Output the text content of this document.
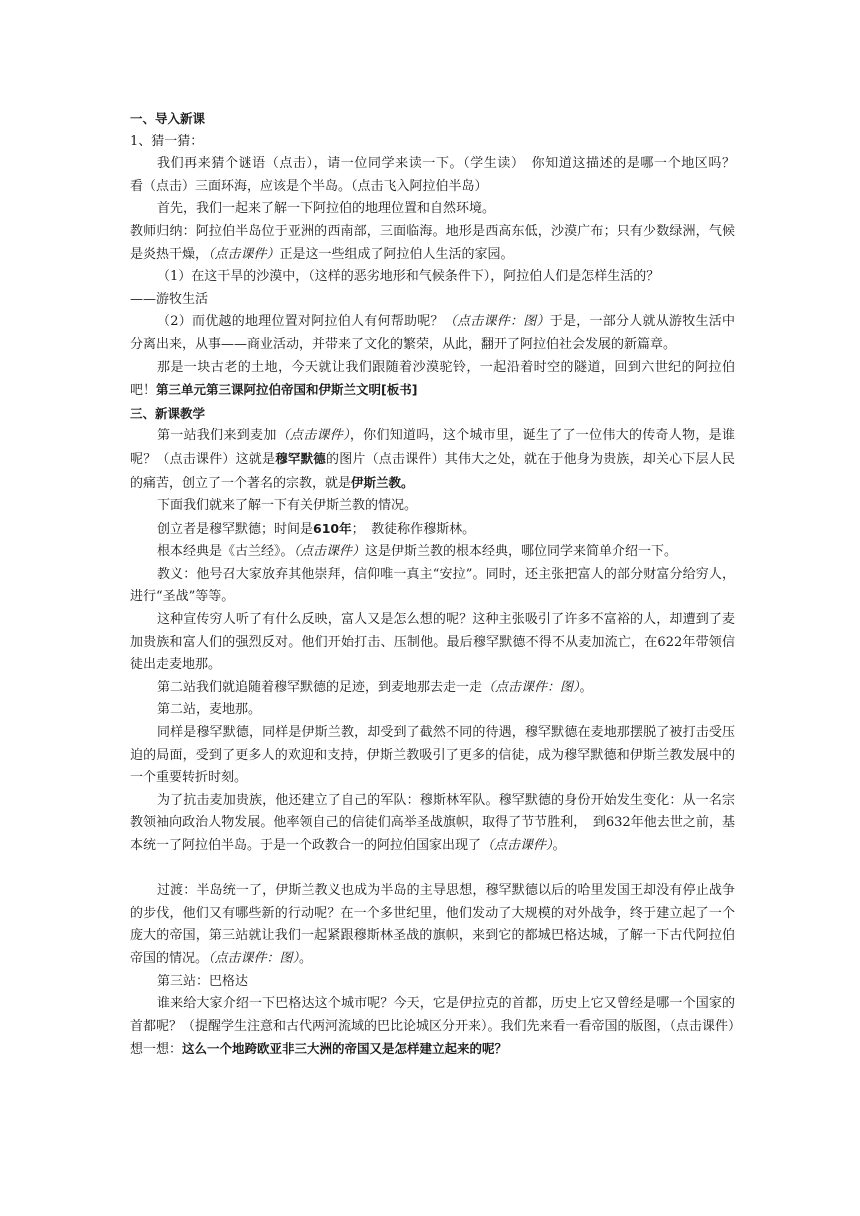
一、导入新课

1、猜一猜：

我们再来猜个谜语（点击），请一位同学来读一下。（学生读）　你知道这描述的是哪一个地区吗？　看（点击）三面环海，应该是个半岛。（点击飞入阿拉伯半岛）

首先，我们一起来了解一下阿拉伯的地理位置和自然环境。

教师归纳：阿拉伯半岛位于亚洲的西南部，三面临海。地形是西高东低，沙漠广布；只有少数绿洲，气候是炎热干燥，（点击课件）正是这一些组成了阿拉伯人生活的家园。

（1）在这干旱的沙漠中，（这样的恶劣地形和气候条件下），阿拉伯人们是怎样生活的？

——游牧生活

（2）而优越的地理位置对阿拉伯人有何帮助呢？（点击课件：图）于是，一部分人就从游牧生活中分离出来，从事——商业活动，并带来了文化的繁荣，从此，翻开了阿拉伯社会发展的新篇章。

那是一块古老的土地，今天就让我们跟随着沙漠驼铃，一起沿着时空的隧道，回到六世纪的阿拉伯吧！第三单元第三课阿拉伯帝国和伊斯兰文明[板书]

三、新课教学

第一站我们来到麦加（点击课件），你们知道吗，这个城市里，诞生了了一位伟大的传奇人物，是谁呢？（点击课件）这就是穆罕默德的图片（点击课件）其伟大之处，就在于他身为贵族，却关心下层人民的痛苦，创立了一个著名的宗教，就是伊斯兰教。

下面我们就来了解一下有关伊斯兰教的情况。

创立者是穆罕默德；时间是610年；　教徒称作穆斯林。

根本经典是《古兰经》。（点击课件）这是伊斯兰教的根本经典，哪位同学来简单介绍一下。

教义：他号召大家放弃其他崇拜，信仰唯一真主“安拉”。同时，还主张把富人的部分财富分给穷人，进行“圣战”等等。

这种宣传穷人听了有什么反映，富人又是怎么想的呢？这种主张吸引了许多不富裕的人，却遭到了麦加贵族和富人们的强烈反对。他们开始打击、压制他。最后穆罕默德不得不从麦加流亡，在622年带领信徒出走麦地那。

第二站我们就追随着穆罕默德的足迹，到麦地那去走一走（点击课件：图）。

第二站，麦地那。

同样是穆罕默德，同样是伊斯兰教，却受到了截然不同的待遇，穆罕默德在麦地那摆脱了被打击受压迫的局面，受到了更多人的欢迎和支持，伊斯兰教吸引了更多的信徒，成为穆罕默德和伊斯兰教发展中的一个重要转折时刻。

为了抗击麦加贵族，他还建立了自己的军队：穆斯林军队。穆罕默德的身份开始发生变化：从一名宗教领袖向政治人物发展。他率领自己的信徒们高举圣战旗帜，取得了节节胜利，　到632年他去世之前，基本统一了阿拉伯半岛。于是一个政教合一的阿拉伯国家出现了（点击课件）。

过渡：半岛统一了，伊斯兰教义也成为半岛的主导思想，穆罕默德以后的哈里发国王却没有停止战争的步伐，他们又有哪些新的行动呢？在一个多世纪里，他们发动了大规模的对外战争，终于建立起了一个庞大的帝国，第三站就让我们一起紧跟穆斯林圣战的旗帜，来到它的都城巴格达城，了解一下古代阿拉伯帝国的情况。（点击课件：图）。

第三站：巴格达

谁来给大家介绍一下巴格达这个城市呢？今天，它是伊拉克的首都，历史上它又曾经是哪一个国家的首都呢？（提醒学生注意和古代两河流域的巴比论城区分开来）。我们先来看一看帝国的版图，（点击课件）

想一想：这么一个地跨欧亚非三大洲的帝国又是怎样建立起来的呢？
